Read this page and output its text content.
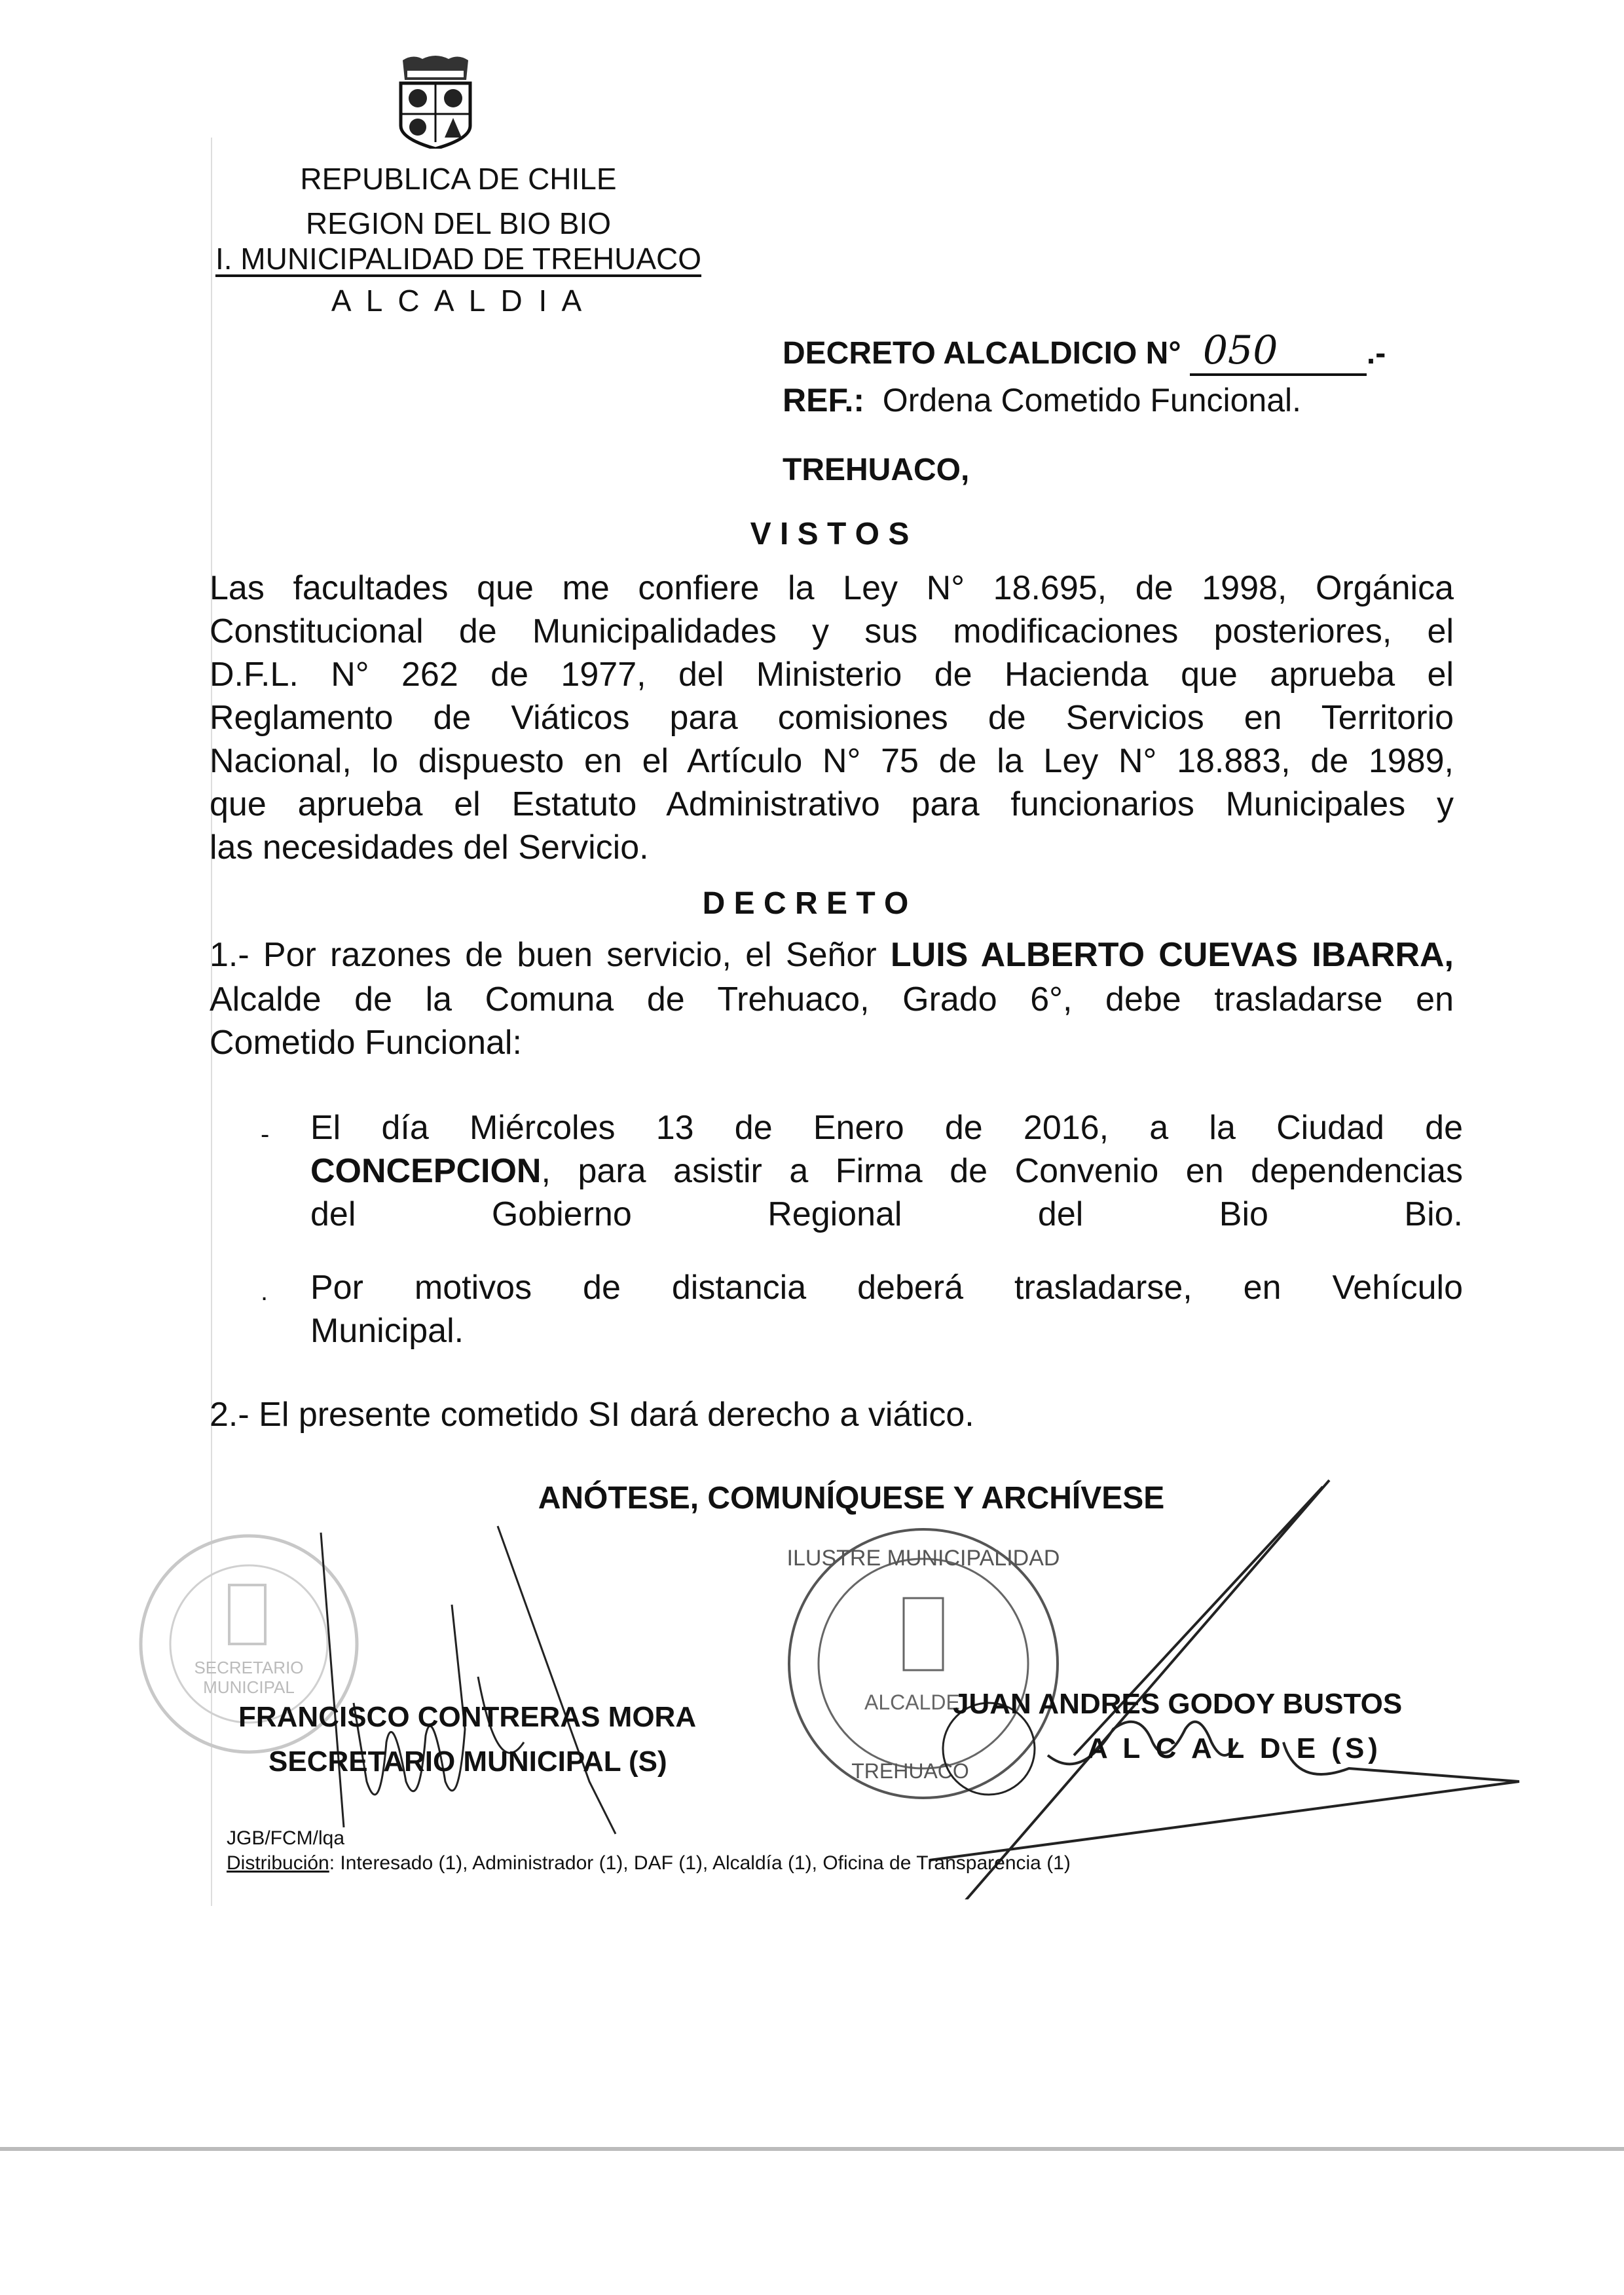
REPUBLICA DE CHILE
REGION DEL BIO BIO
I. MUNICIPALIDAD DE TREHUACO
A L C A L D I A
DECRETO ALCALDICIO N° 050	.-
REF.: Ordena Cometido Funcional.
TREHUACO,
V I S T O S
Las facultades que me confiere la Ley N° 18.695, de 1998, Orgánica
Constitucional de Municipalidades y sus modificaciones posteriores, el
D.F.L. N° 262 de 1977, del Ministerio de Hacienda que aprueba el
Reglamento de Viáticos para comisiones de Servicios en Territorio
Nacional, lo dispuesto en el Artículo N° 75 de la Ley N° 18.883, de 1989,
que aprueba el Estatuto Administrativo para funcionarios Municipales y
las necesidades del Servicio.
D E C R E T O
1.- Por razones de buen servicio, el Señor LUIS ALBERTO CUEVAS IBARRA,
Alcalde de la Comuna de Trehuaco, Grado 6°, debe trasladarse en
Cometido Funcional:
- El día Miércoles 13 de Enero de 2016, a la Ciudad de
CONCEPCION, para asistir a Firma de Convenio en dependencias
del Gobierno Regional del Bio Bio.
. Por motivos de distancia deberá trasladarse, en Vehículo
Municipal.
2.- El presente cometido SI dará derecho a viático.
ANÓTESE, COMUNÍQUESE Y ARCHÍVESE
SECRETARIO
MUNICIPAL
ALCALDE
ILUSTRE MUNICIPALIDAD
TREHUACO
FRANCISCO CONTRERAS MORA
SECRETARIO MUNICIPAL (S)
JUAN ANDRES GODOY BUSTOS
A L C A L D E (S)
JGB/FCM/lqa
Distribución: Interesado (1), Administrador (1), DAF (1), Alcaldía (1), Oficina de Transparencia (1)
